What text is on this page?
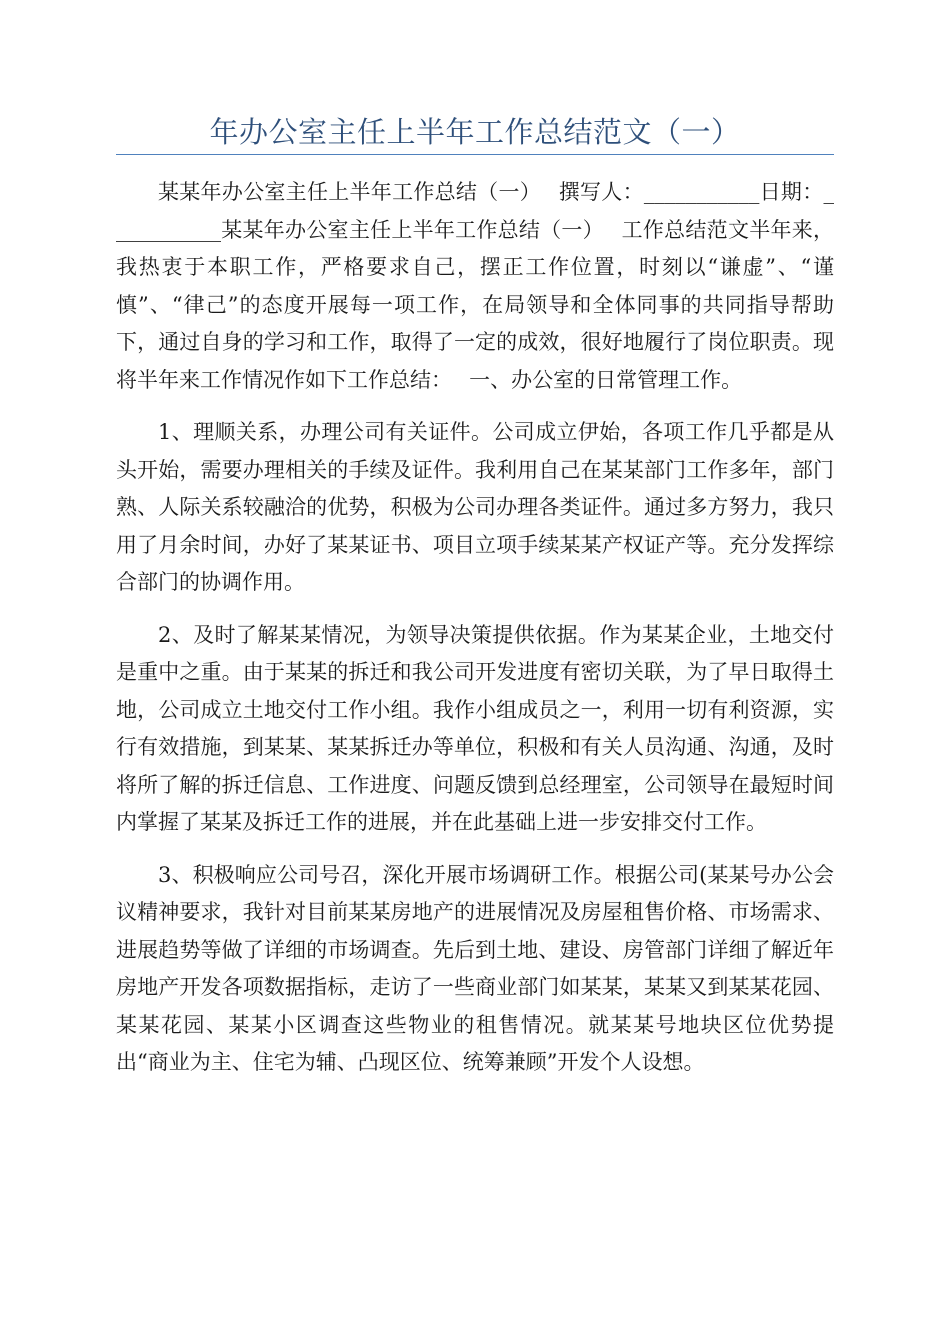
年办公室主任上半年工作总结范文（一）

某某年办公室主任上半年工作总结（一）　 撰写人：___________日期：___________某某年办公室主任上半年工作总结（一）　 工作总结范文半年来，我热衷于本职工作，严格要求自己，摆正工作位置，时刻以“谦虚”、“谨慎”、“律己”的态度开展每一项工作，在局领导和全体同事的共同指导帮助下，通过自身的学习和工作，取得了一定的成效，很好地履行了岗位职责。现将半年来工作情况作如下工作总结：　 一、办公室的日常管理工作。

1、理顺关系，办理公司有关证件。公司成立伊始，各项工作几乎都是从头开始，需要办理相关的手续及证件。我利用自己在某某部门工作多年，部门熟、人际关系较融洽的优势，积极为公司办理各类证件。通过多方努力，我只用了月余时间，办好了某某证书、项目立项手续某某产权证产等。充分发挥综合部门的协调作用。

2、及时了解某某情况，为领导决策提供依据。作为某某企业，土地交付是重中之重。由于某某的拆迁和我公司开发进度有密切关联，为了早日取得土地，公司成立土地交付工作小组。我作小组成员之一，利用一切有利资源，实行有效措施，到某某、某某拆迁办等单位，积极和有关人员沟通、沟通，及时将所了解的拆迁信息、工作进度、问题反馈到总经理室，公司领导在最短时间内掌握了某某及拆迁工作的进展，并在此基础上进一步安排交付工作。

3、积极响应公司号召，深化开展市场调研工作。根据公司(某某号办公会议精神要求，我针对目前某某房地产的进展情况及房屋租售价格、市场需求、进展趋势等做了详细的市场调查。先后到土地、建设、房管部门详细了解近年房地产开发各项数据指标，走访了一些商业部门如某某，某某又到某某花园、某某花园、某某小区调查这些物业的租售情况。就某某号地块区位优势提出“商业为主、住宅为辅、凸现区位、统筹兼顾”开发个人设想。
